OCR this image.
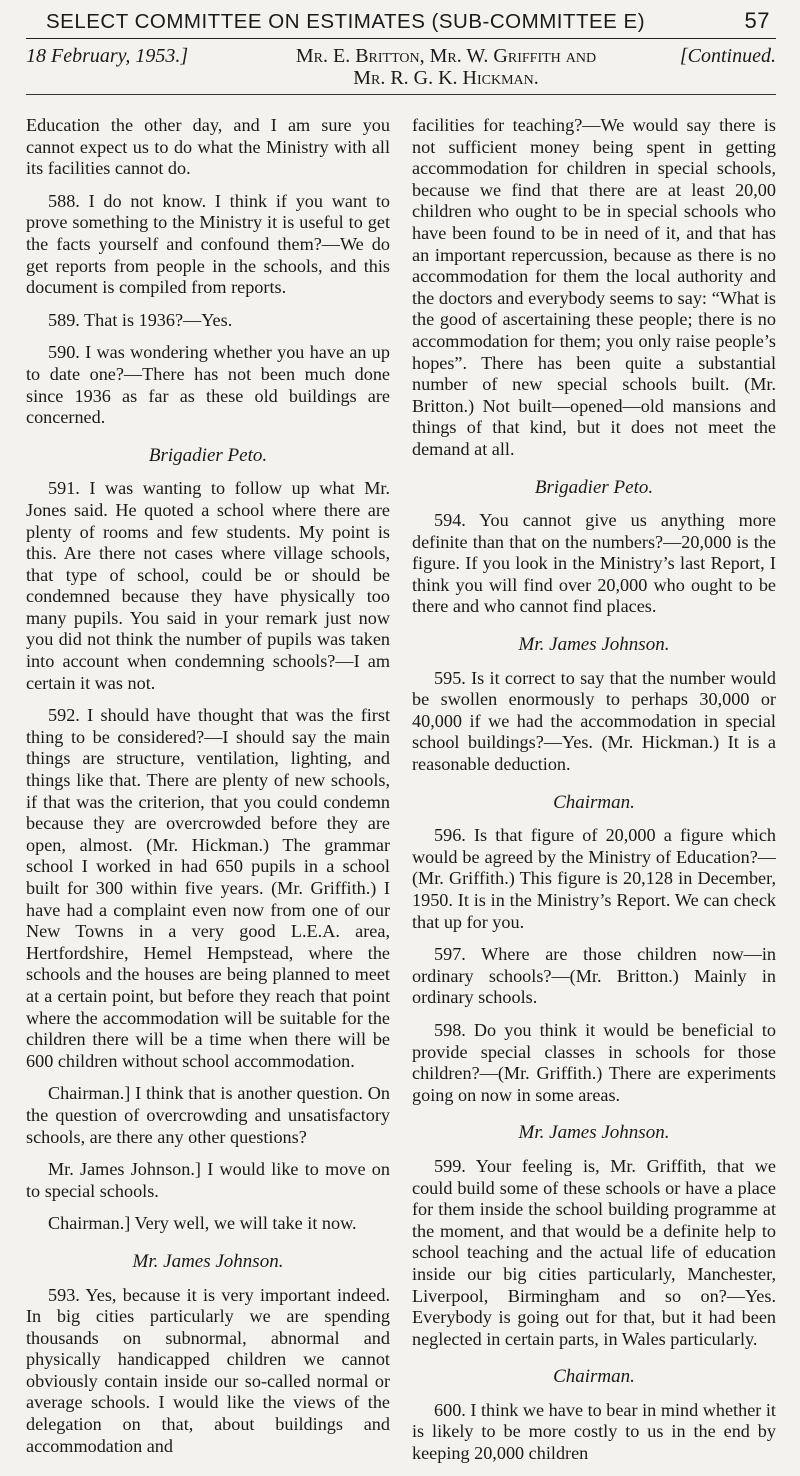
SELECT COMMITTEE ON ESTIMATES (SUB-COMMITTEE E)	57
18 February, 1953.]	Mr. E. Britton, Mr. W. Griffith and
Mr. R. G. K. Hickman.
[Continued.

Education the other day, and I am sure you cannot expect us to do what the Ministry with all its facilities cannot do.

588. I do not know. I think if you want to prove something to the Ministry it is useful to get the facts yourself and confound them?—We do get reports from people in the schools, and this document is compiled from reports.

589. That is 1936?—Yes.

590. I was wondering whether you have an up to date one?—There has not been much done since 1936 as far as these old buildings are concerned.

Brigadier Peto.

591. I was wanting to follow up what Mr. Jones said. He quoted a school where there are plenty of rooms and few students. My point is this. Are there not cases where village schools, that type of school, could be or should be condemned because they have physically too many pupils. You said in your remark just now you did not think the number of pupils was taken into account when condemning schools?—I am certain it was not.

592. I should have thought that was the first thing to be considered?—I should say the main things are structure, ventilation, lighting, and things like that. There are plenty of new schools, if that was the criterion, that you could condemn because they are overcrowded before they are open, almost. (Mr. Hickman.) The grammar school I worked in had 650 pupils in a school built for 300 within five years. (Mr. Griffith.) I have had a complaint even now from one of our New Towns in a very good L.E.A. area, Hertfordshire, Hemel Hempstead, where the schools and the houses are being planned to meet at a certain point, but before they reach that point where the accommodation will be suitable for the children there will be a time when there will be 600 children without school accommodation.

Chairman.] I think that is another question. On the question of overcrowding and unsatisfactory schools, are there any other questions?

Mr. James Johnson.] I would like to move on to special schools.

Chairman.] Very well, we will take it now.

Mr. James Johnson.

593. Yes, because it is very important indeed. In big cities particularly we are spending thousands on subnormal, abnormal and physically handicapped children we cannot obviously contain inside our so-called normal or average schools. I would like the views of the delegation on that, about buildings and accommodation and

facilities for teaching?—We would say there is not sufficient money being spent in getting accommodation for children in special schools, because we find that there are at least 20,00 children who ought to be in special schools who have been found to be in need of it, and that has an important repercussion, because as there is no accommodation for them the local authority and the doctors and everybody seems to say: “What is the good of ascertaining these people; there is no accommodation for them; you only raise people’s hopes”. There has been quite a substantial number of new special schools built. (Mr. Britton.) Not built—opened—old mansions and things of that kind, but it does not meet the demand at all.

Brigadier Peto.

594. You cannot give us anything more definite than that on the numbers?—20,000 is the figure. If you look in the Ministry’s last Report, I think you will find over 20,000 who ought to be there and who cannot find places.

Mr. James Johnson.

595. Is it correct to say that the number would be swollen enormously to perhaps 30,000 or 40,000 if we had the accommodation in special school buildings?—Yes. (Mr. Hickman.) It is a reasonable deduction.

Chairman.

596. Is that figure of 20,000 a figure which would be agreed by the Ministry of Education?—(Mr. Griffith.) This figure is 20,128 in December, 1950. It is in the Ministry’s Report. We can check that up for you.

597. Where are those children now—in ordinary schools?—(Mr. Britton.) Mainly in ordinary schools.

598. Do you think it would be beneficial to provide special classes in schools for those children?—(Mr. Griffith.) There are experiments going on now in some areas.

Mr. James Johnson.

599. Your feeling is, Mr. Griffith, that we could build some of these schools or have a place for them inside the school building programme at the moment, and that would be a definite help to school teaching and the actual life of education inside our big cities particularly, Manchester, Liverpool, Birmingham and so on?—Yes. Everybody is going out for that, but it had been neglected in certain parts, in Wales particularly.

Chairman.

600. I think we have to bear in mind whether it is likely to be more costly to us in the end by keeping 20,000 children
